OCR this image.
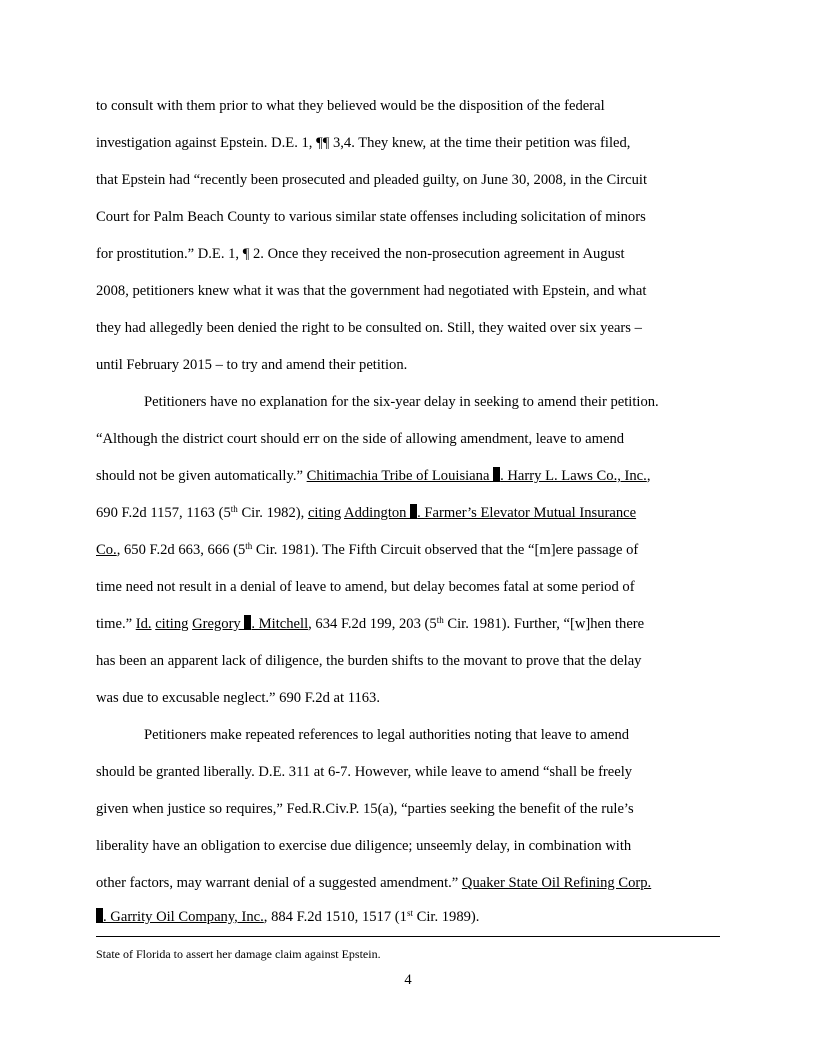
to consult with them prior to what they believed would be the disposition of the federal
investigation against Epstein. D.E. 1, ¶¶ 3,4. They knew, at the time their petition was filed,
that Epstein had “recently been prosecuted and pleaded guilty, on June 30, 2008, in the Circuit
Court for Palm Beach County to various similar state offenses including solicitation of minors
for prostitution.” D.E. 1, ¶ 2. Once they received the non-prosecution agreement in August
2008, petitioners knew what it was that the government had negotiated with Epstein, and what
they had allegedly been denied the right to be consulted on. Still, they waited over six years –
until February 2015 – to try and amend their petition.
Petitioners have no explanation for the six-year delay in seeking to amend their petition.
“Although the district court should err on the side of allowing amendment, leave to amend
should not be given automatically.” Chitimachia Tribe of Louisiana . Harry L. Laws Co., Inc.,
690 F.2d 1157, 1163 (5th Cir. 1982), citing Addington . Farmer’s Elevator Mutual Insurance
Co., 650 F.2d 663, 666 (5th Cir. 1981). The Fifth Circuit observed that the “[m]ere passage of
time need not result in a denial of leave to amend, but delay becomes fatal at some period of
time.” Id. citing Gregory . Mitchell, 634 F.2d 199, 203 (5th Cir. 1981). Further, “[w]hen there
has been an apparent lack of diligence, the burden shifts to the movant to prove that the delay
was due to excusable neglect.” 690 F.2d at 1163.
Petitioners make repeated references to legal authorities noting that leave to amend
should be granted liberally. D.E. 311 at 6-7. However, while leave to amend “shall be freely
given when justice so requires,” Fed.R.Civ.P. 15(a), “parties seeking the benefit of the rule’s
liberality have an obligation to exercise due diligence; unseemly delay, in combination with
other factors, may warrant denial of a suggested amendment.” Quaker State Oil Refining Corp.
. Garrity Oil Company, Inc., 884 F.2d 1510, 1517 (1st Cir. 1989).
State of Florida to assert her damage claim against Epstein.
4
